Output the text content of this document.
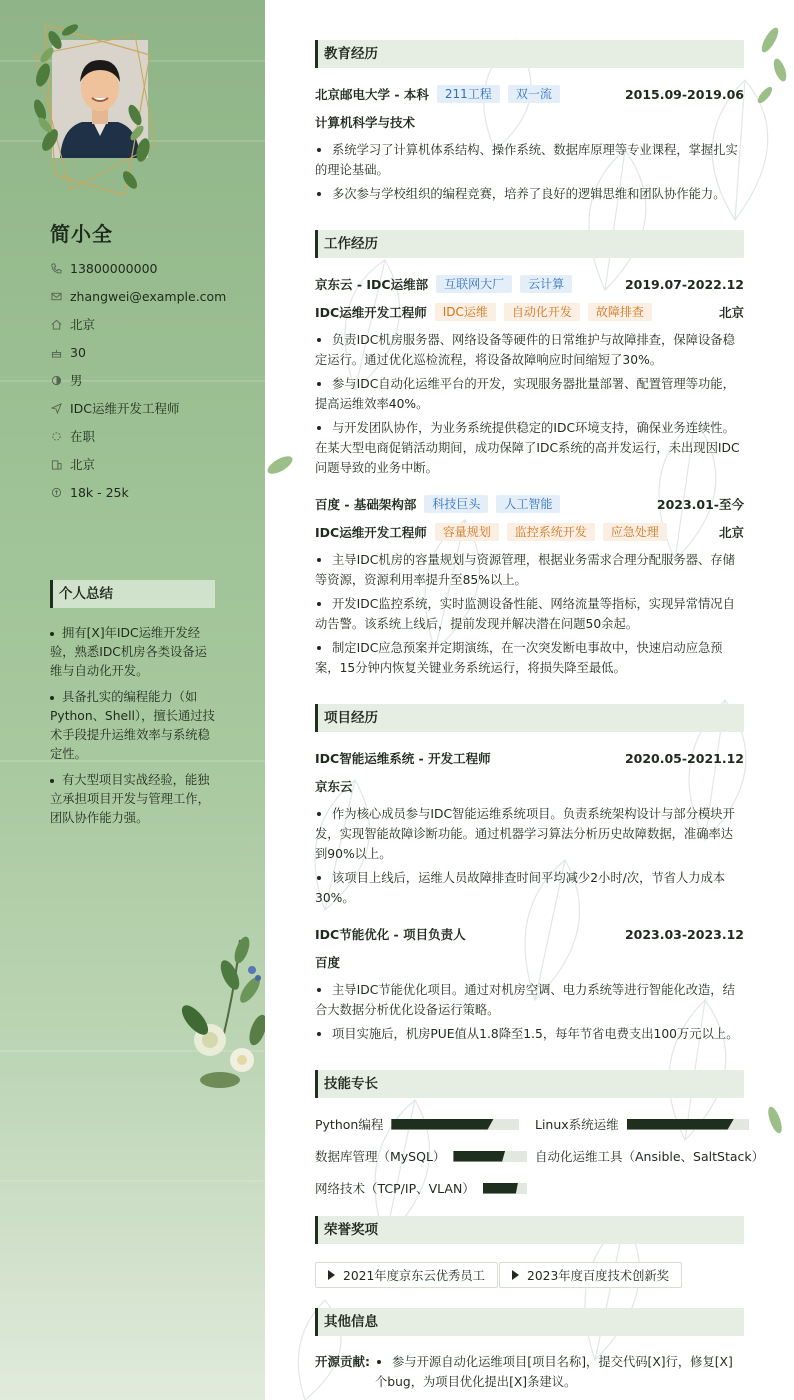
简小全
13800000000
zhangwei@example.com
北京
30
男
IDC运维开发工程师
在职
北京
18k - 25k
个人总结
拥有[X]年IDC运维开发经验，熟悉IDC机房各类设备运维与自动化开发。
具备扎实的编程能力（如Python、Shell），擅长通过技术手段提升运维效率与系统稳定性。
有大型项目实战经验，能独立承担项目开发与管理工作，团队协作能力强。
教育经历
北京邮电大学 - 本科	211工程	双一流	2015.09-2019.06
计算机科学与技术
系统学习了计算机体系结构、操作系统、数据库原理等专业课程，掌握扎实的理论基础。
多次参与学校组织的编程竞赛，培养了良好的逻辑思维和团队协作能力。
工作经历
京东云 - IDC运维部	互联网大厂	云计算	2019.07-2022.12
IDC运维开发工程师	IDC运维	自动化开发	故障排查	北京
负责IDC机房服务器、网络设备等硬件的日常维护与故障排查，保障设备稳定运行。通过优化巡检流程，将设备故障响应时间缩短了30%。
参与IDC自动化运维平台的开发，实现服务器批量部署、配置管理等功能，提高运维效率40%。
与开发团队协作，为业务系统提供稳定的IDC环境支持，确保业务连续性。在某大型电商促销活动期间，成功保障了IDC系统的高并发运行，未出现因IDC问题导致的业务中断。
百度 - 基础架构部	科技巨头	人工智能	2023.01-至今
IDC运维开发工程师	容量规划	监控系统开发	应急处理	北京
主导IDC机房的容量规划与资源管理，根据业务需求合理分配服务器、存储等资源，资源利用率提升至85%以上。
开发IDC监控系统，实时监测设备性能、网络流量等指标，实现异常情况自动告警。该系统上线后，提前发现并解决潜在问题50余起。
制定IDC应急预案并定期演练，在一次突发断电事故中，快速启动应急预案，15分钟内恢复关键业务系统运行，将损失降至最低。
项目经历
IDC智能运维系统 - 开发工程师	2020.05-2021.12
京东云
作为核心成员参与IDC智能运维系统项目。负责系统架构设计与部分模块开发，实现智能故障诊断功能。通过机器学习算法分析历史故障数据，准确率达到90%以上。
该项目上线后，运维人员故障排查时间平均减少2小时/次，节省人力成本30%。
IDC节能优化 - 项目负责人	2023.03-2023.12
百度
主导IDC节能优化项目。通过对机房空调、电力系统等进行智能化改造，结合大数据分析优化设备运行策略。
项目实施后，机房PUE值从1.8降至1.5，每年节省电费支出100万元以上。
技能专长
Python编程	Linux系统运维
数据库管理（MySQL）	自动化运维工具（Ansible、SaltStack）
网络技术（TCP/IP、VLAN）
荣誉奖项
2021年度京东云优秀员工	2023年度百度技术创新奖
其他信息
开源贡献:	参与开源自动化运维项目[项目名称]，提交代码[X]行，修复[X]个bug，为项目优化提出[X]条建议。
